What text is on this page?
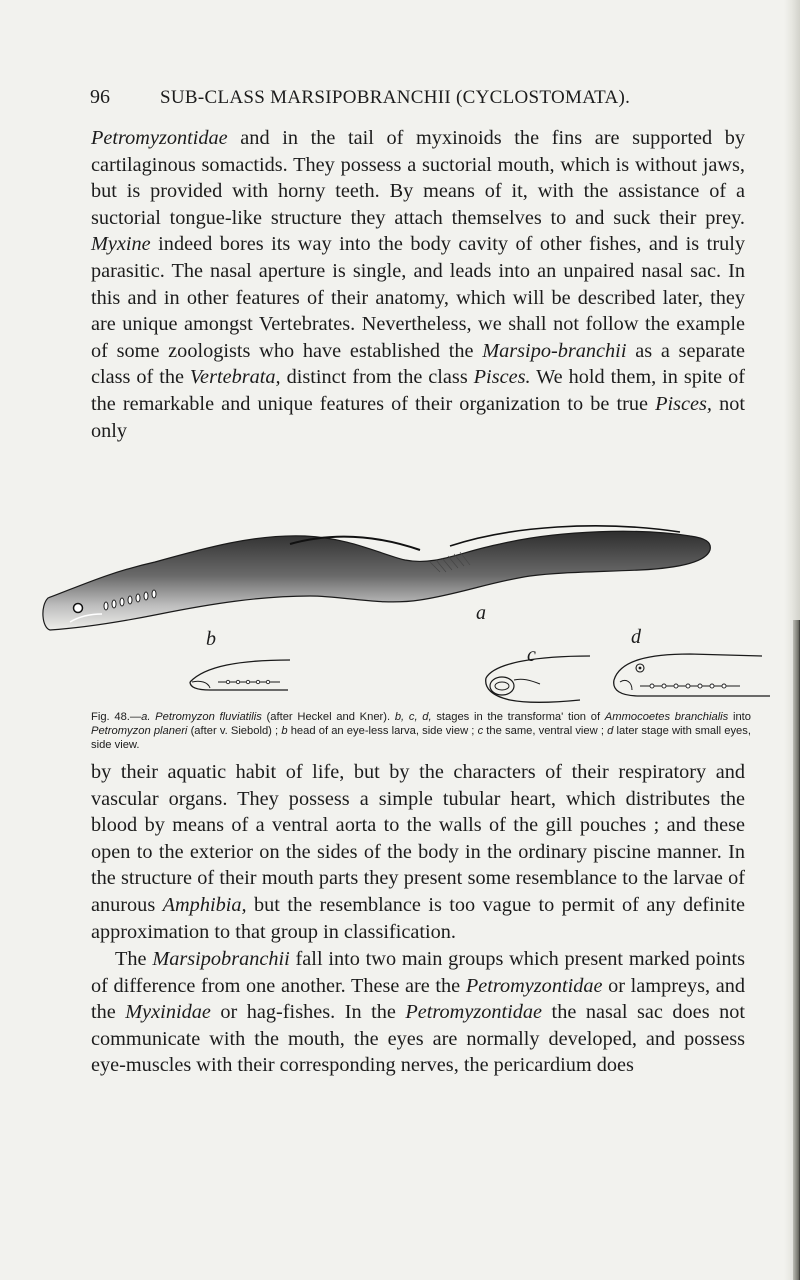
96	SUB-CLASS MARSIPOBRANCHII (CYCLOSTOMATA).

Petromyzontidae and in the tail of myxinoids the fins are supported by cartilaginous somactids. They possess a suctorial mouth, which is without jaws, but is provided with horny teeth. By means of it, with the assistance of a suctorial tongue-like structure they attach themselves to and suck their prey. Myxine indeed bores its way into the body cavity of other fishes, and is truly parasitic. The nasal aperture is single, and leads into an unpaired nasal sac. In this and in other features of their anatomy, which will be described later, they are unique amongst Vertebrates. Nevertheless, we shall not follow the example of some zoologists who have established the Marsipo-branchii as a separate class of the Vertebrata, distinct from the class Pisces. We hold them, in spite of the remarkable and unique features of their organization to be true Pisces, not only

a
b
c
d

Fig. 48.—a. Petromyzon fluviatilis (after Heckel and Kner). b, c, d, stages in the transforma' tion of Ammocoetes branchialis into Petromyzon planeri (after v. Siebold) ; b head of an eye-less larva, side view ; c the same, ventral view ; d later stage with small eyes, side view.

by their aquatic habit of life, but by the characters of their respiratory and vascular organs. They possess a simple tubular heart, which distributes the blood by means of a ventral aorta to the walls of the gill pouches ; and these open to the exterior on the sides of the body in the ordinary piscine manner. In the structure of their mouth parts they present some resemblance to the larvae of anurous Amphibia, but the resemblance is too vague to permit of any definite approximation to that group in classification.

The Marsipobranchii fall into two main groups which present marked points of difference from one another. These are the Petromyzontidae or lampreys, and the Myxinidae or hag-fishes. In the Petromyzontidae the nasal sac does not communicate with the mouth, the eyes are normally developed, and possess eye-muscles with their corresponding nerves, the pericardium does
